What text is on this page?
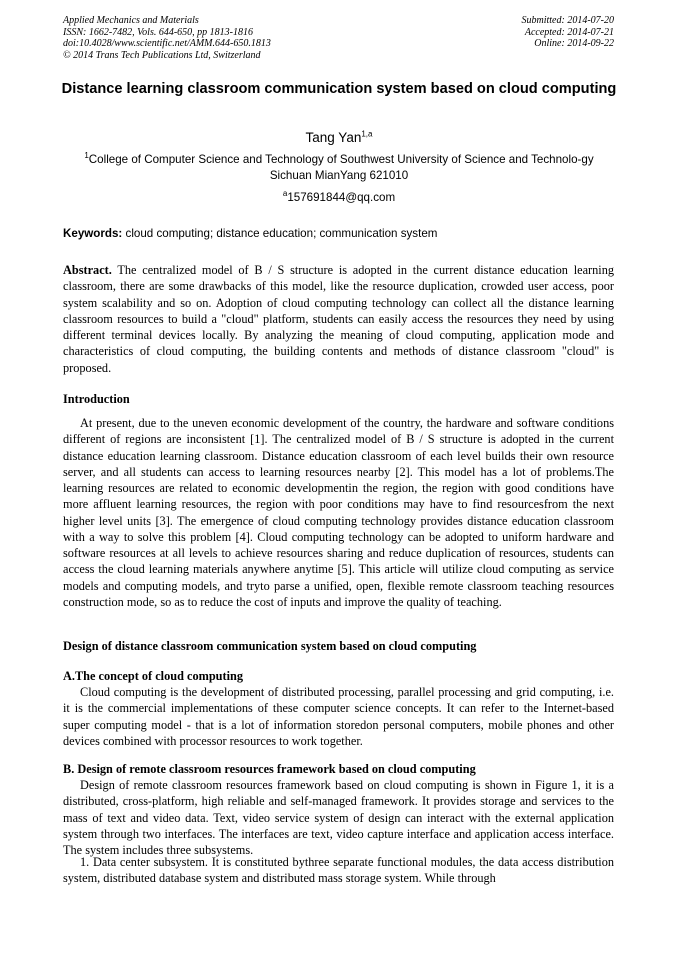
Applied Mechanics and Materials
ISSN: 1662-7482, Vols. 644-650, pp 1813-1816
doi:10.4028/www.scientific.net/AMM.644-650.1813
© 2014 Trans Tech Publications Ltd, Switzerland
Submitted: 2014-07-20
Accepted: 2014-07-21
Online: 2014-09-22
Distance learning classroom communication system based on cloud computing
Tang Yan$^{1,a}$
$^1$College of Computer Science and Technology of Southwest University of Science and Technolo-gy Sichuan MianYang 621010
$^a$157691844@qq.com
Keywords: cloud computing; distance education; communication system
Abstract. The centralized model of B / S structure is adopted in the current distance education learning classroom, there are some drawbacks of this model, like the resource duplication, crowded user access, poor system scalability and so on. Adoption of cloud computing technology can collect all the distance learning classroom resources to build a "cloud" platform, students can easily access the resources they need by using different terminal devices locally. By analyzing the meaning of cloud computing, application mode and characteristics of cloud computing, the building contents and methods of distance classroom "cloud" is proposed.
Introduction
At present, due to the uneven economic development of the country, the hardware and software conditions different of regions are inconsistent [1]. The centralized model of B / S structure is adopted in the current distance education learning classroom. Distance education classroom of each level builds their own resource server, and all students can access to learning resources nearby [2]. This model has a lot of problems.The learning resources are related to economic developmentin the region, the region with good conditions have more affluent learning resources, the region with poor conditions may have to find resourcesfrom the next higher level units [3]. The emergence of cloud computing technology provides distance education classroom with a way to solve this problem [4]. Cloud computing technology can be adopted to uniform hardware and software resources at all levels to achieve resources sharing and reduce duplication of resources, students can access the cloud learning materials anywhere anytime [5]. This article will utilize cloud computing as service models and computing models, and tryto parse a unified, open, flexible remote classroom teaching resources construction mode, so as to reduce the cost of inputs and improve the quality of teaching.
Design of distance classroom communication system based on cloud computing
A.The concept of cloud computing
Cloud computing is the development of distributed processing, parallel processing and grid computing, i.e. it is the commercial implementations of these computer science concepts. It can refer to the Internet-based super computing model - that is a lot of information storedon personal computers, mobile phones and other devices combined with processor resources to work together.
B. Design of remote classroom resources framework based on cloud computing
Design of remote classroom resources framework based on cloud computing is shown in Figure 1, it is a distributed, cross-platform, high reliable and self-managed framework. It provides storage and services to the mass of text and video data. Text, video service system of design can interact with the external application system through two interfaces. The interfaces are text, video capture interface and application access interface. The system includes three subsystems.
1. Data center subsystem. It is constituted bythree separate functional modules, the data access distribution system, distributed database system and distributed mass storage system. While through
